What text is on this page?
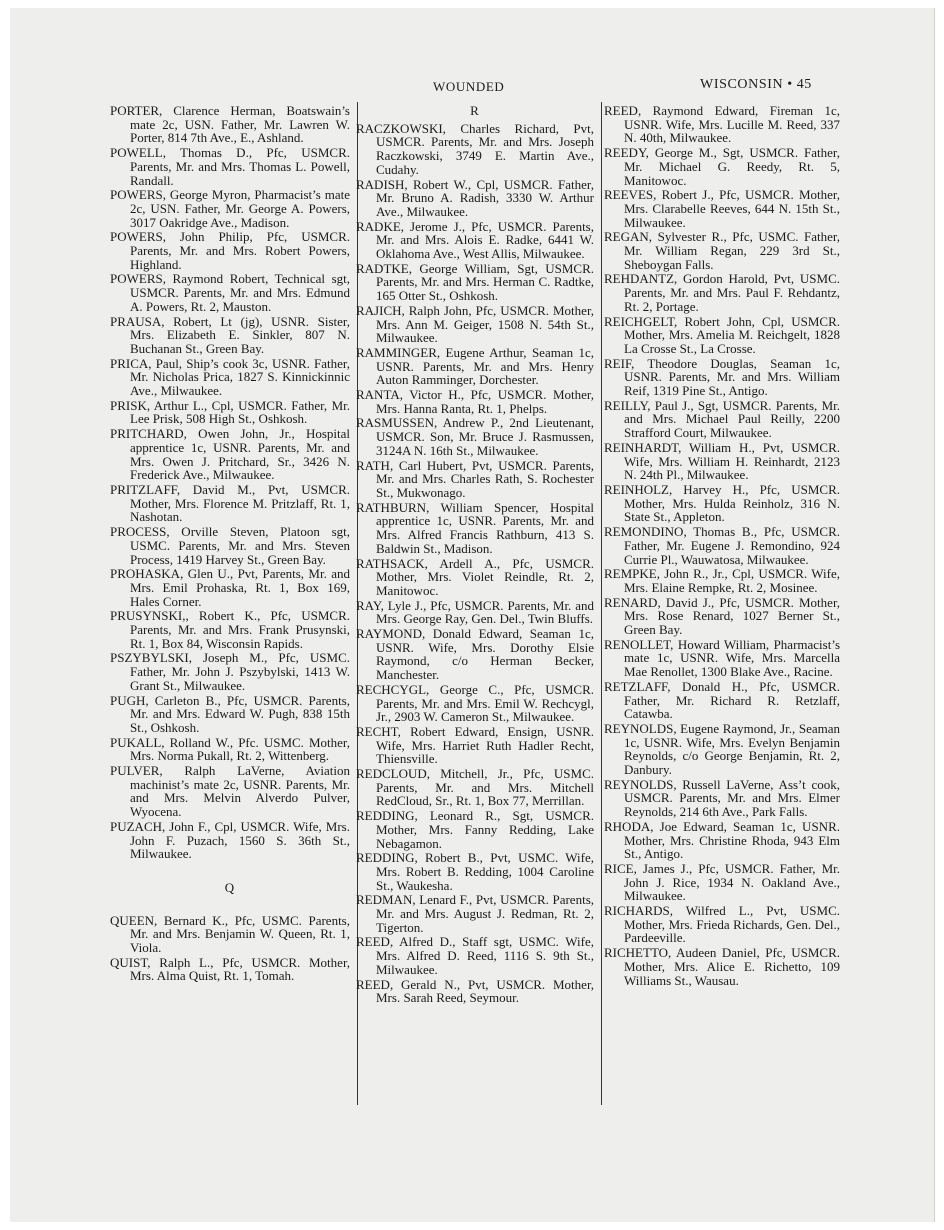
WOUNDED	WISCONSIN • 45

PORTER, Clarence Herman, Boatswain’s mate 2c, USN. Father, Mr. Lawren W. Porter, 814 7th Ave., E., Ashland.

POWELL, Thomas D., Pfc, USMCR. Parents, Mr. and Mrs. Thomas L. Powell, Randall.

POWERS, George Myron, Pharmacist’s mate 2c, USN. Father, Mr. George A. Powers, 3017 Oakridge Ave., Madison.

POWERS, John Philip, Pfc, USMCR. Parents, Mr. and Mrs. Robert Powers, Highland.

POWERS, Raymond Robert, Technical sgt, USMCR. Parents, Mr. and Mrs. Edmund A. Powers, Rt. 2, Mauston.

PRAUSA, Robert, Lt (jg), USNR. Sister, Mrs. Elizabeth E. Sinkler, 807 N. Buchanan St., Green Bay.

PRICA, Paul, Ship’s cook 3c, USNR. Father, Mr. Nicholas Prica, 1827 S. Kinnickinnic Ave., Milwaukee.

PRISK, Arthur L., Cpl, USMCR. Father, Mr. Lee Prisk, 508 High St., Oshkosh.

PRITCHARD, Owen John, Jr., Hospital apprentice 1c, USNR. Parents, Mr. and Mrs. Owen J. Pritchard, Sr., 3426 N. Frederick Ave., Milwaukee.

PRITZLAFF, David M., Pvt, USMCR. Mother, Mrs. Florence M. Pritzlaff, Rt. 1, Nashotan.

PROCESS, Orville Steven, Platoon sgt, USMC. Parents, Mr. and Mrs. Steven Process, 1419 Harvey St., Green Bay.

PROHASKA, Glen U., Pvt, Parents, Mr. and Mrs. Emil Prohaska, Rt. 1, Box 169, Hales Corner.

PRUSYNSKI,, Robert K., Pfc, USMCR. Parents, Mr. and Mrs. Frank Prusynski, Rt. 1, Box 84, Wisconsin Rapids.

PSZYBYLSKI, Joseph M., Pfc, USMC. Father, Mr. John J. Pszybylski, 1413 W. Grant St., Milwaukee.

PUGH, Carleton B., Pfc, USMCR. Parents, Mr. and Mrs. Edward W. Pugh, 838 15th St., Oshkosh.

PUKALL, Rolland W., Pfc. USMC. Mother, Mrs. Norma Pukall, Rt. 2, Wittenberg.

PULVER, Ralph LaVerne, Aviation machinist’s mate 2c, USNR. Parents, Mr. and Mrs. Melvin Alverdo Pulver, Wyocena.

PUZACH, John F., Cpl, USMCR. Wife, Mrs. John F. Puzach, 1560 S. 36th St., Milwaukee.

Q

QUEEN, Bernard K., Pfc, USMC. Parents, Mr. and Mrs. Benjamin W. Queen, Rt. 1, Viola.

QUIST, Ralph L., Pfc, USMCR. Mother, Mrs. Alma Quist, Rt. 1, Tomah.

R

RACZKOWSKI, Charles Richard, Pvt, USMCR. Parents, Mr. and Mrs. Joseph Raczkowski, 3749 E. Martin Ave., Cudahy.

RADISH, Robert W., Cpl, USMCR. Father, Mr. Bruno A. Radish, 3330 W. Arthur Ave., Milwaukee.

RADKE, Jerome J., Pfc, USMCR. Parents, Mr. and Mrs. Alois E. Radke, 6441 W. Oklahoma Ave., West Allis, Milwaukee.

RADTKE, George William, Sgt, USMCR. Parents, Mr. and Mrs. Herman C. Radtke, 165 Otter St., Oshkosh.

RAJICH, Ralph John, Pfc, USMCR. Mother, Mrs. Ann M. Geiger, 1508 N. 54th St., Milwaukee.

RAMMINGER, Eugene Arthur, Seaman 1c, USNR. Parents, Mr. and Mrs. Henry Auton Ramminger, Dorchester.

RANTA, Victor H., Pfc, USMCR. Mother, Mrs. Hanna Ranta, Rt. 1, Phelps.

RASMUSSEN, Andrew P., 2nd Lieutenant, USMCR. Son, Mr. Bruce J. Rasmussen, 3124A N. 16th St., Milwaukee.

RATH, Carl Hubert, Pvt, USMCR. Parents, Mr. and Mrs. Charles Rath, S. Rochester St., Mukwonago.

RATHBURN, William Spencer, Hospital apprentice 1c, USNR. Parents, Mr. and Mrs. Alfred Francis Rathburn, 413 S. Baldwin St., Madison.

RATHSACK, Ardell A., Pfc, USMCR. Mother, Mrs. Violet Reindle, Rt. 2, Manitowoc.

RAY, Lyle J., Pfc, USMCR. Parents, Mr. and Mrs. George Ray, Gen. Del., Twin Bluffs.

RAYMOND, Donald Edward, Seaman 1c, USNR. Wife, Mrs. Dorothy Elsie Raymond, c/o Herman Becker, Manchester.

RECHCYGL, George C., Pfc, USMCR. Parents, Mr. and Mrs. Emil W. Rechcygl, Jr., 2903 W. Cameron St., Milwaukee.

RECHT, Robert Edward, Ensign, USNR. Wife, Mrs. Harriet Ruth Hadler Recht, Thiensville.

REDCLOUD, Mitchell, Jr., Pfc, USMC. Parents, Mr. and Mrs. Mitchell RedCloud, Sr., Rt. 1, Box 77, Merrillan.

REDDING, Leonard R., Sgt, USMCR. Mother, Mrs. Fanny Redding, Lake Nebagamon.

REDDING, Robert B., Pvt, USMC. Wife, Mrs. Robert B. Redding, 1004 Caroline St., Waukesha.

REDMAN, Lenard F., Pvt, USMCR. Parents, Mr. and Mrs. August J. Redman, Rt. 2, Tigerton.

REED, Alfred D., Staff sgt, USMC. Wife, Mrs. Alfred D. Reed, 1116 S. 9th St., Milwaukee.

REED, Gerald N., Pvt, USMCR. Mother, Mrs. Sarah Reed, Seymour.

REED, Raymond Edward, Fireman 1c, USNR. Wife, Mrs. Lucille M. Reed, 337 N. 40th, Milwaukee.

REEDY, George M., Sgt, USMCR. Father, Mr. Michael G. Reedy, Rt. 5, Manitowoc.

REEVES, Robert J., Pfc, USMCR. Mother, Mrs. Clarabelle Reeves, 644 N. 15th St., Milwaukee.

REGAN, Sylvester R., Pfc, USMC. Father, Mr. William Regan, 229 3rd St., Sheboygan Falls.

REHDANTZ, Gordon Harold, Pvt, USMC. Parents, Mr. and Mrs. Paul F. Rehdantz, Rt. 2, Portage.

REICHGELT, Robert John, Cpl, USMCR. Mother, Mrs. Amelia M. Reichgelt, 1828 La Crosse St., La Crosse.

REIF, Theodore Douglas, Seaman 1c, USNR. Parents, Mr. and Mrs. William Reif, 1319 Pine St., Antigo.

REILLY, Paul J., Sgt, USMCR. Parents, Mr. and Mrs. Michael Paul Reilly, 2200 Strafford Court, Milwaukee.

REINHARDT, William H., Pvt, USMCR. Wife, Mrs. William H. Reinhardt, 2123 N. 24th Pl., Milwaukee.

REINHOLZ, Harvey H., Pfc, USMCR. Mother, Mrs. Hulda Reinholz, 316 N. State St., Appleton.

REMONDINO, Thomas B., Pfc, USMCR. Father, Mr. Eugene J. Remondino, 924 Currie Pl., Wauwatosa, Milwaukee.

REMPKE, John R., Jr., Cpl, USMCR. Wife, Mrs. Elaine Rempke, Rt. 2, Mosinee.

RENARD, David J., Pfc, USMCR. Mother, Mrs. Rose Renard, 1027 Berner St., Green Bay.

RENOLLET, Howard William, Pharmacist’s mate 1c, USNR. Wife, Mrs. Marcella Mae Renollet, 1300 Blake Ave., Racine.

RETZLAFF, Donald H., Pfc, USMCR. Father, Mr. Richard R. Retzlaff, Catawba.

REYNOLDS, Eugene Raymond, Jr., Seaman 1c, USNR. Wife, Mrs. Evelyn Benjamin Reynolds, c/o George Benjamin, Rt. 2, Danbury.

REYNOLDS, Russell LaVerne, Ass’t cook, USMCR. Parents, Mr. and Mrs. Elmer Reynolds, 214 6th Ave., Park Falls.

RHODA, Joe Edward, Seaman 1c, USNR. Mother, Mrs. Christine Rhoda, 943 Elm St., Antigo.

RICE, James J., Pfc, USMCR. Father, Mr. John J. Rice, 1934 N. Oakland Ave., Milwaukee.

RICHARDS, Wilfred L., Pvt, USMC. Mother, Mrs. Frieda Richards, Gen. Del., Pardeeville.

RICHETTO, Audeen Daniel, Pfc, USMCR. Mother, Mrs. Alice E. Richetto, 109 Williams St., Wausau.
